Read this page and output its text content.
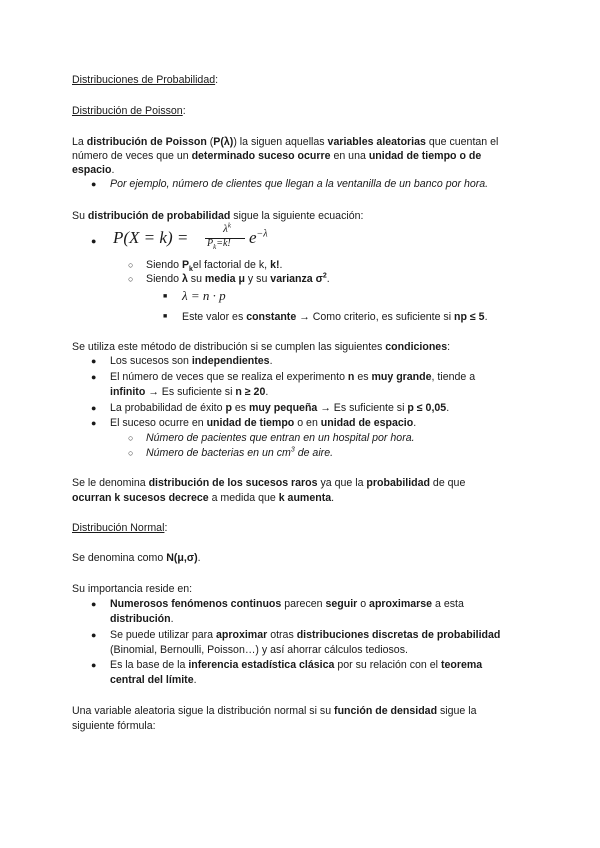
Distribuciones de Probabilidad:
Distribución de Poisson:
La distribución de Poisson (P(λ)) la siguen aquellas variables aleatorias que cuentan el
número de veces que un determinado suceso ocurre en una unidad de tiempo o de
espacio.
● Por ejemplo, número de clientes que llegan a la ventanilla de un banco por hora.
Su distribución de probabilidad sigue la siguiente ecuación:
● P(X = k) =	$\lambda^k$
$P_k=k$! $e^{-\lambda}$
○ Siendo $P_kel$ factorial de k, k!.
○ Siendo λ su media μ y su varianza $\sigma^2$.
■ λ = n · p
■ Este valor es constante → Como criterio, es suficiente si np ≤ 5.
Se utiliza este método de distribución si se cumplen las siguientes condiciones:
● Los sucesos son independientes.
● El número de veces que se realiza el experimento n es muy grande, tiende a
infinito → Es suficiente si n ≥ 20.
● La probabilidad de éxito p es muy pequeña → Es suficiente si p ≤ 0,05.
● El suceso ocurre en unidad de tiempo o en unidad de espacio.
○ Número de pacientes que entran en un hospital por hora.
○ Número de bacterias en un $cm^3$ de aire.
Se le denomina distribución de los sucesos raros ya que la probabilidad de que
ocurran k sucesos decrece a medida que k aumenta.
Distribución Normal:
Se denomina como N(μ,σ).
Su importancia reside en:
● Numerosos fenómenos continuos parecen seguir o aproximarse a esta
distribución.
● Se puede utilizar para aproximar otras distribuciones discretas de probabilidad
(Binomial, Bernoulli, Poisson…) y así ahorrar cálculos tediosos.
● Es la base de la inferencia estadística clásica por su relación con el teorema
central del límite.
Una variable aleatoria sigue la distribución normal si su función de densidad sigue la
siguiente fórmula:
